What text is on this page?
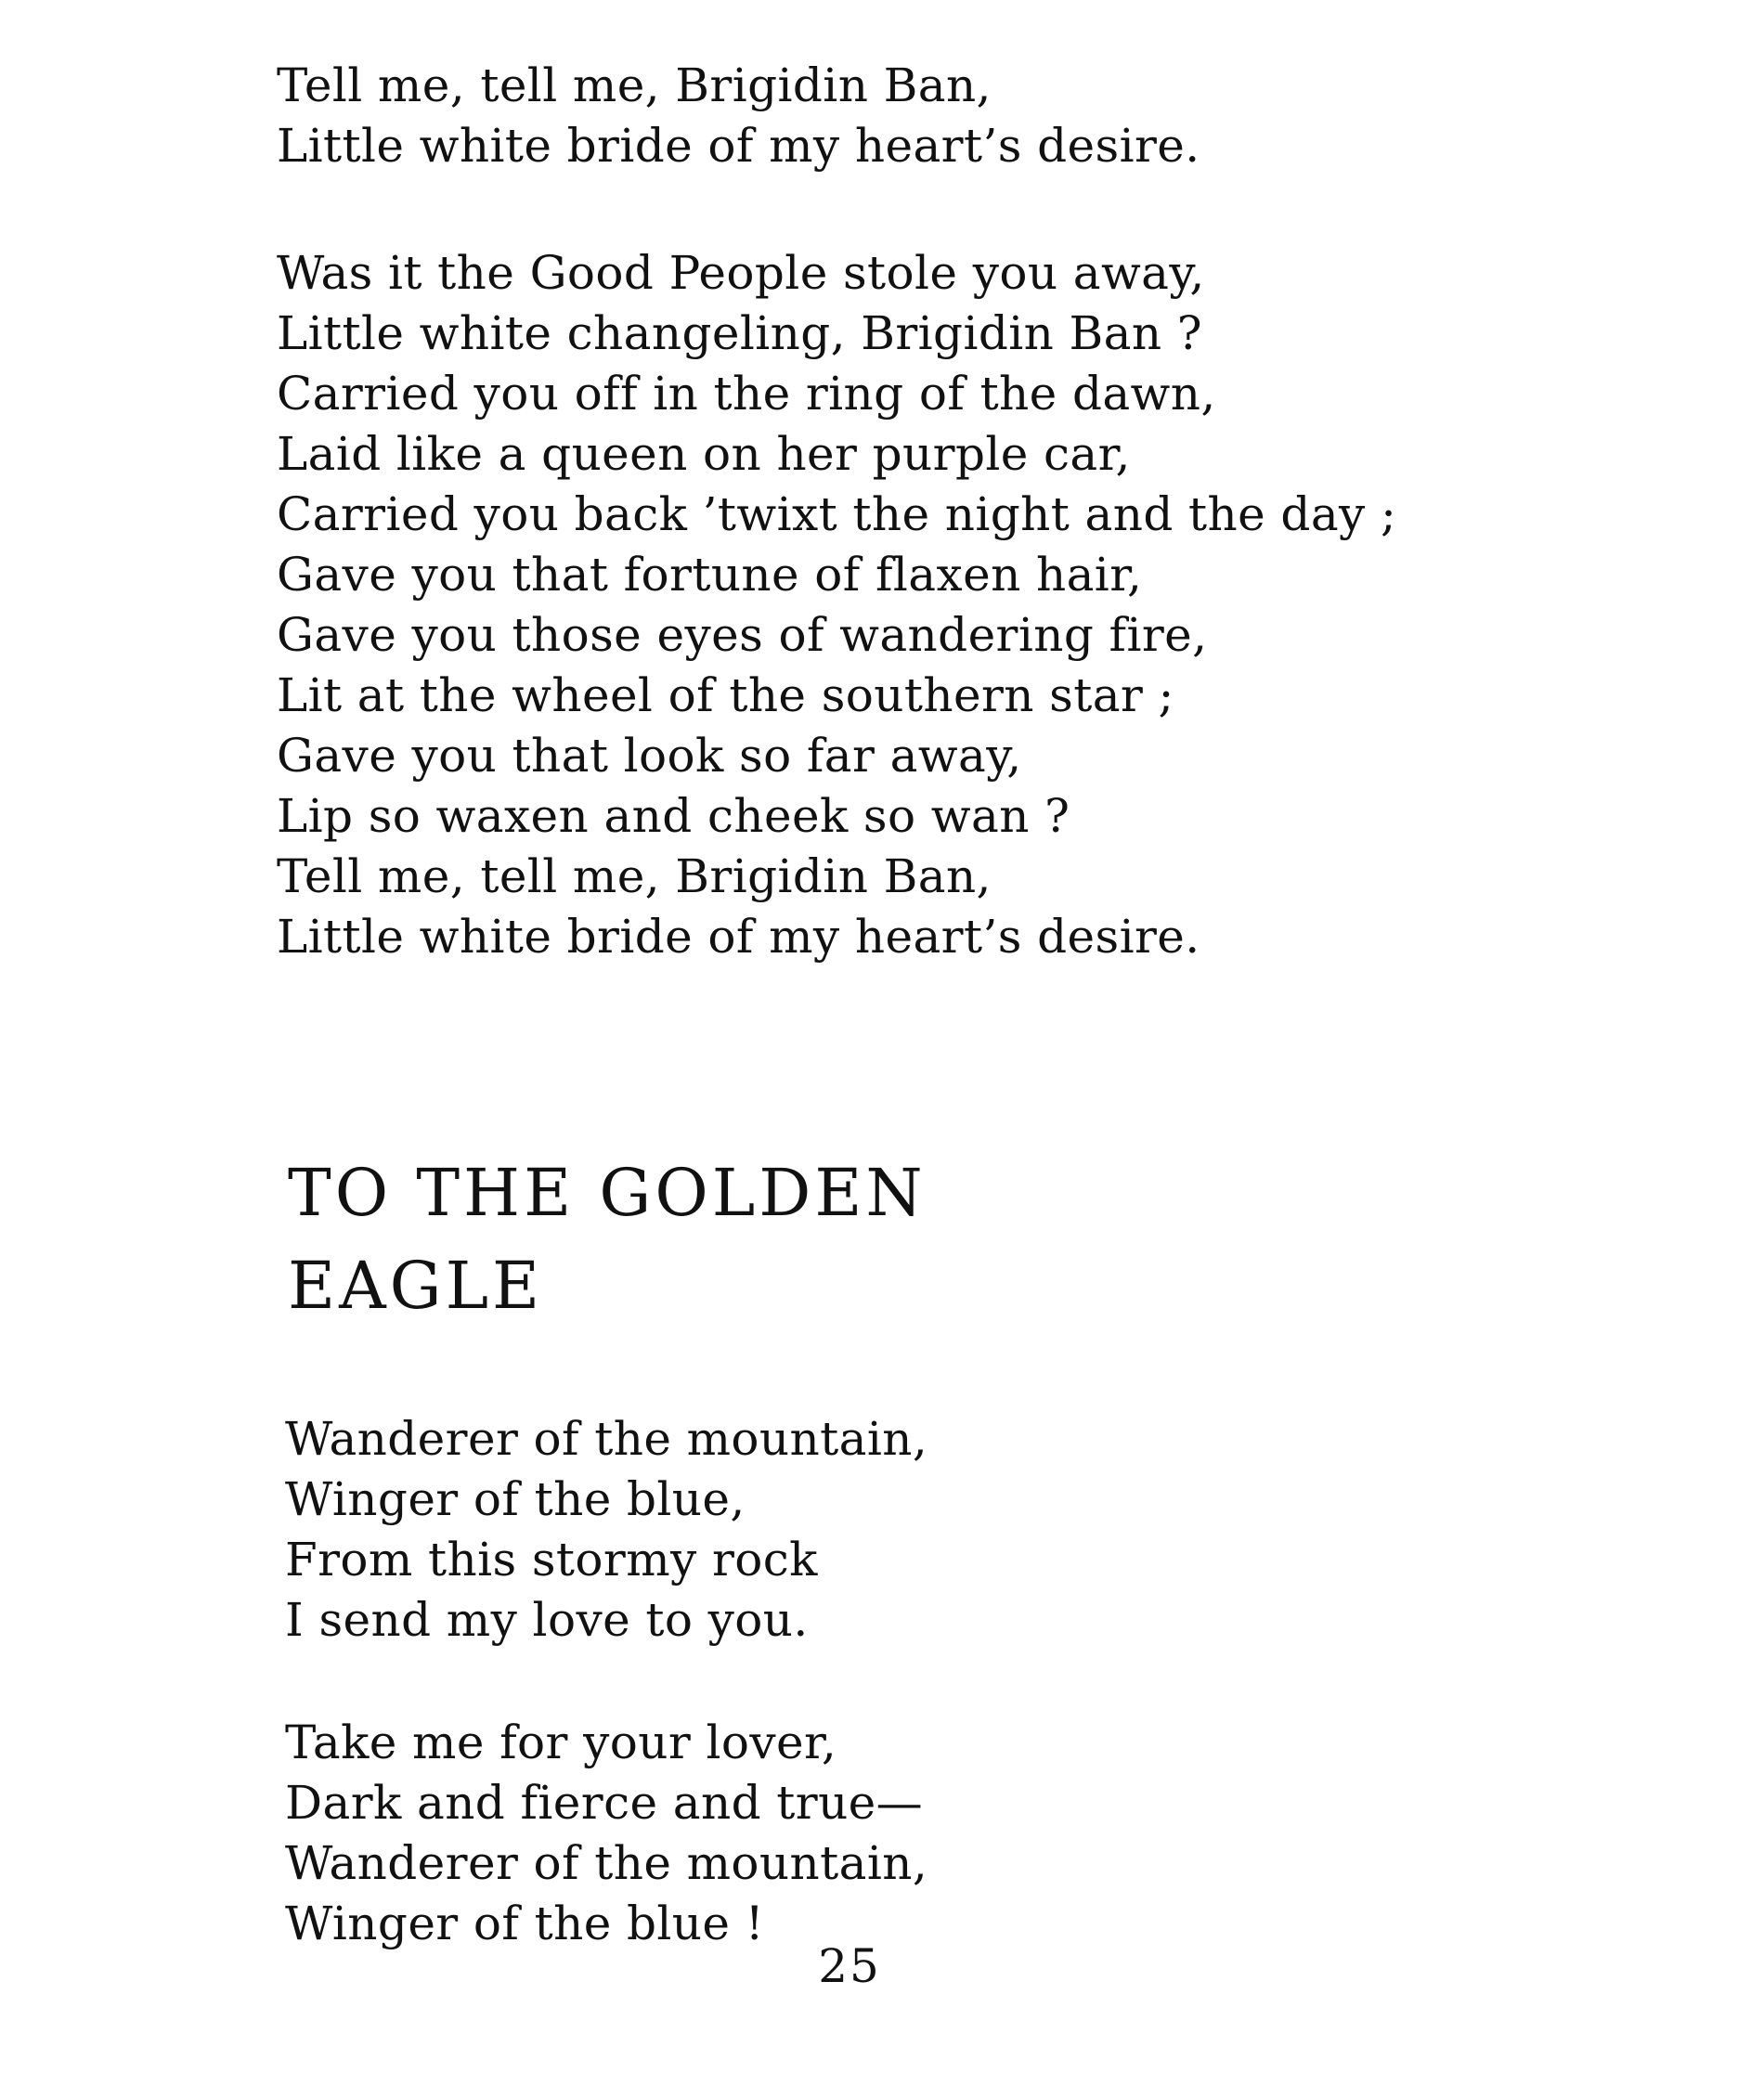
Tell me, tell me, Brigidin Ban,
Little white bride of my heart’s desire.
Was it the Good People stole you away,
Little white changeling, Brigidin Ban ?
Carried you off in the ring of the dawn,
Laid like a queen on her purple car,
Carried you back ’twixt the night and the day ;
Gave you that fortune of flaxen hair,
Gave you those eyes of wandering fire,
Lit at the wheel of the southern star ;
Gave you that look so far away,
Lip so waxen and cheek so wan ?
Tell me, tell me, Brigidin Ban,
Little white bride of my heart’s desire.
TO THE GOLDEN
EAGLE
Wanderer of the mountain,
Winger of the blue,
From this stormy rock
I send my love to you.
Take me for your lover,
Dark and fierce and true—
Wanderer of the mountain,
Winger of the blue !
25
